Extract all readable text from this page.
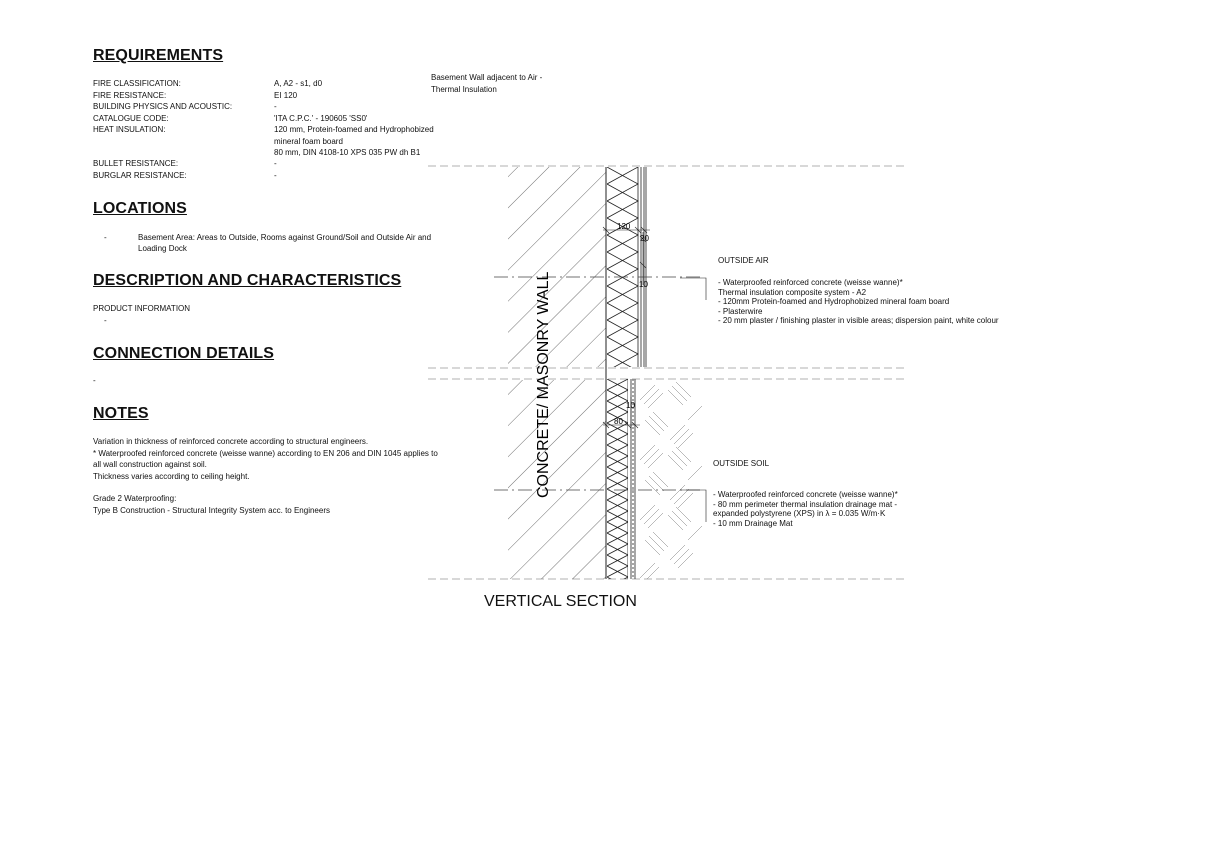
REQUIREMENTS
FIRE CLASSIFICATION:	A, A2 - s1, d0
FIRE RESISTANCE:	EI 120
BUILDING PHYSICS AND ACOUSTIC:	-
CATALOGUE CODE:	'ITA C.P.C.' - 190605 'SS0'
HEAT INSULATION:	120 mm, Protein-foamed and Hydrophobized
mineral foam board
80 mm, DIN 4108-10 XPS 035 PW dh B1
BULLET RESISTANCE:	-
BURGLAR RESISTANCE:	-
LOCATIONS
-	Basement Area: Areas to Outside, Rooms against Ground/Soil and Outside Air and
Loading Dock
DESCRIPTION AND CHARACTERISTICS
PRODUCT INFORMATION
-
CONNECTION DETAILS
-
NOTES
Variation in thickness of reinforced concrete according to structural engineers.
* Waterproofed reinforced concrete (weisse wanne) according to EN 206 and DIN 1045 applies to
all wall construction against soil.
Thickness varies according to ceiling height.
Grade 2 Waterproofing:
Type B Construction - Structural Integrity System acc. to Engineers
Basement Wall adjacent to Air -
Thermal Insulation
120
20
10
10
80
CONCRETE/ MASONRY WALL
OUTSIDE AIR
- Waterproofed reinforced concrete (weisse wanne)*
Thermal insulation composite system - A2
- 120mm Protein-foamed and Hydrophobized mineral foam board
- Plasterwire
- 20 mm plaster / finishing plaster in visible areas; dispersion paint, white colour
OUTSIDE SOIL
- Waterproofed reinforced concrete (weisse wanne)*
- 80 mm perimeter thermal insulation drainage mat -
expanded polystyrene (XPS) in λ = 0.035 W/m·K
- 10 mm Drainage Mat
VERTICAL SECTION
